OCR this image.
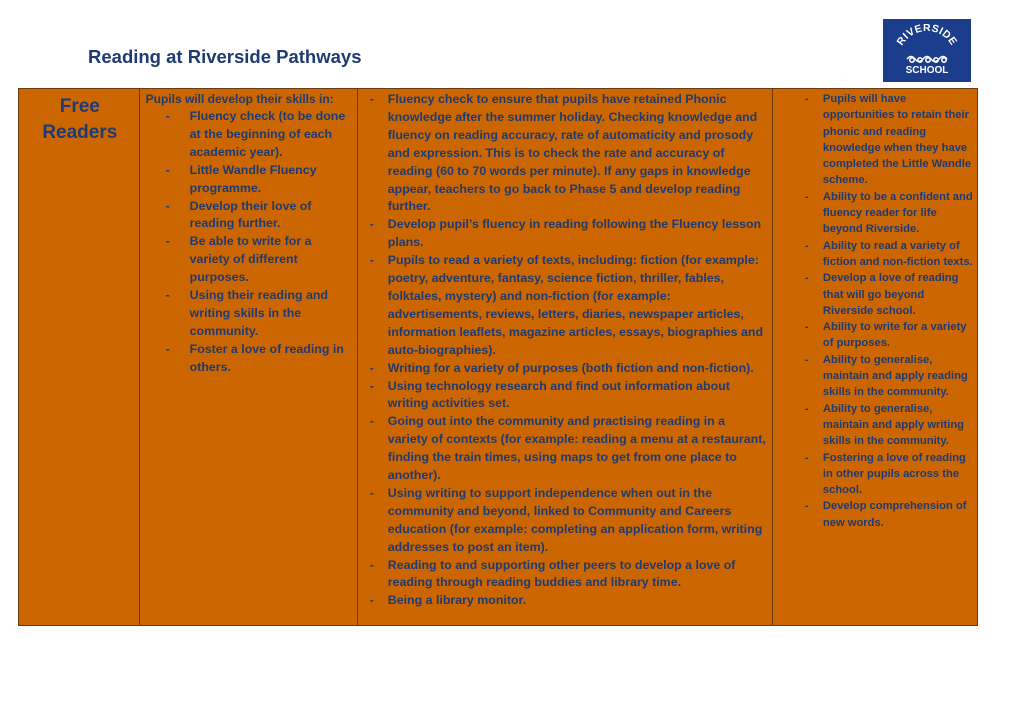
Reading at Riverside Pathways
RIVERSIDE
SCHOOL

Free Readers

Pupils will develop their skills in:

- Fluency check (to be done at the beginning of each academic year).
- Little Wandle Fluency programme.
- Develop their love of reading further.
- Be able to write for a variety of different purposes.
- Using their reading and writing skills in the community.
- Foster a love of reading in others.

- Fluency check to ensure that pupils have retained Phonic knowledge after the summer holiday. Checking knowledge and fluency on reading accuracy, rate of automaticity and prosody and expression. This is to check the rate and accuracy of reading (60 to 70 words per minute). If any gaps in knowledge appear, teachers to go back to Phase 5 and develop reading further.
- Develop pupil’s fluency in reading following the Fluency lesson plans.
- Pupils to read a variety of texts, including: fiction (for example: poetry, adventure, fantasy, science fiction, thriller, fables, folktales, mystery) and non-fiction (for example: advertisements, reviews, letters, diaries, newspaper articles, information leaflets, magazine articles, essays, biographies and auto-biographies).
- Writing for a variety of purposes (both fiction and non-fiction).
- Using technology research and find out information about writing activities set.
- Going out into the community and practising reading in a variety of contexts (for example: reading a menu at a restaurant, finding the train times, using maps to get from one place to another).
- Using writing to support independence when out in the community and beyond, linked to Community and Careers education (for example: completing an application form, writing addresses to post an item).
- Reading to and supporting other peers to develop a love of reading through reading buddies and library time.
- Being a library monitor.

- Pupils will have opportunities to retain their phonic and reading knowledge when they have completed the Little Wandle scheme.
- Ability to be a confident and fluency reader for life beyond Riverside.
- Ability to read a variety of fiction and non-fiction texts.
- Develop a love of reading that will go beyond Riverside school.
- Ability to write for a variety of purposes.
- Ability to generalise, maintain and apply reading skills in the community.
- Ability to generalise, maintain and apply writing skills in the community.
- Fostering a love of reading in other pupils across the school.
- Develop comprehension of new words.
